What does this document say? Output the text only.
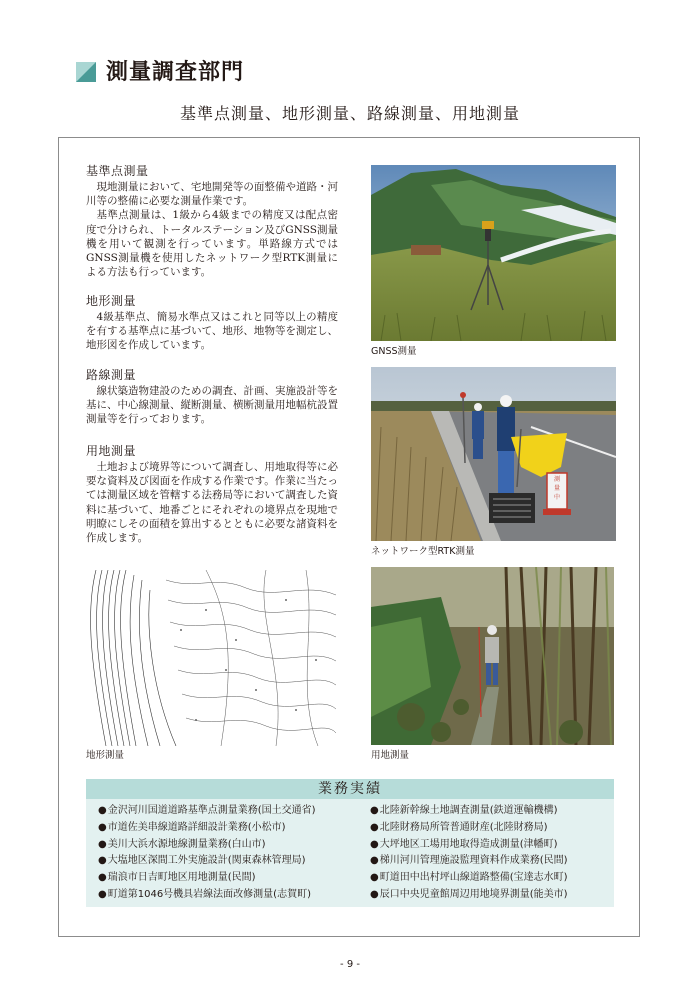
測量調査部門
基準点測量、地形測量、路線測量、用地測量
基準点測量

現地測量において、宅地開発等の面整備や道路・河川等の整備に必要な測量作業です。

基準点測量は、1級から4級までの精度又は配点密度で分けられ、トータルステーション及びGNSS測量機を用いて観測を行っています。単路線方式ではGNSS測量機を使用したネットワーク型RTK測量による方法も行っています。

地形測量

4級基準点、簡易水準点又はこれと同等以上の精度を有する基準点に基づいて、地形、地物等を測定し、地形図を作成しています。

路線測量

線状築造物建設のための調査、計画、実施設計等を基に、中心線測量、縦断測量、横断測量用地幅杭設置測量等を行っております。

用地測量

土地および境界等について調査し、用地取得等に必要な資料及び図面を作成する作業です。作業に当たっては測量区域を管轄する法務局等において調査した資料に基づいて、地番ごとにそれぞれの境界点を現地で明瞭にしその面積を算出するとともに必要な諸資料を作成します。

GNSS測量
測
量
中
ネットワーク型RTK測量
地形測量	用地測量
業務実績
● 金沢河川国道道路基準点測量業務(国土交通省)
● 市道佐美串線道路詳細設計業務(小松市)
● 美川大浜水源地線測量業務(白山市)
● 大塩地区深間工外実施設計(関東森林管理局)
● 瑞浪市日吉町地区用地測量(民間)
● 町道第1046号機具岩線法面改修測量(志賀町)
● 北陸新幹線土地調査測量(鉄道運輸機構)
● 北陸財務局所管普通財産(北陸財務局)
● 大坪地区工場用地取得造成測量(津幡町)
● 梯川河川管理施設監理資料作成業務(民間)
● 町道田中出村坪山線道路整備(宝達志水町)
● 辰口中央児童館周辺用地境界測量(能美市)
- 9 -
